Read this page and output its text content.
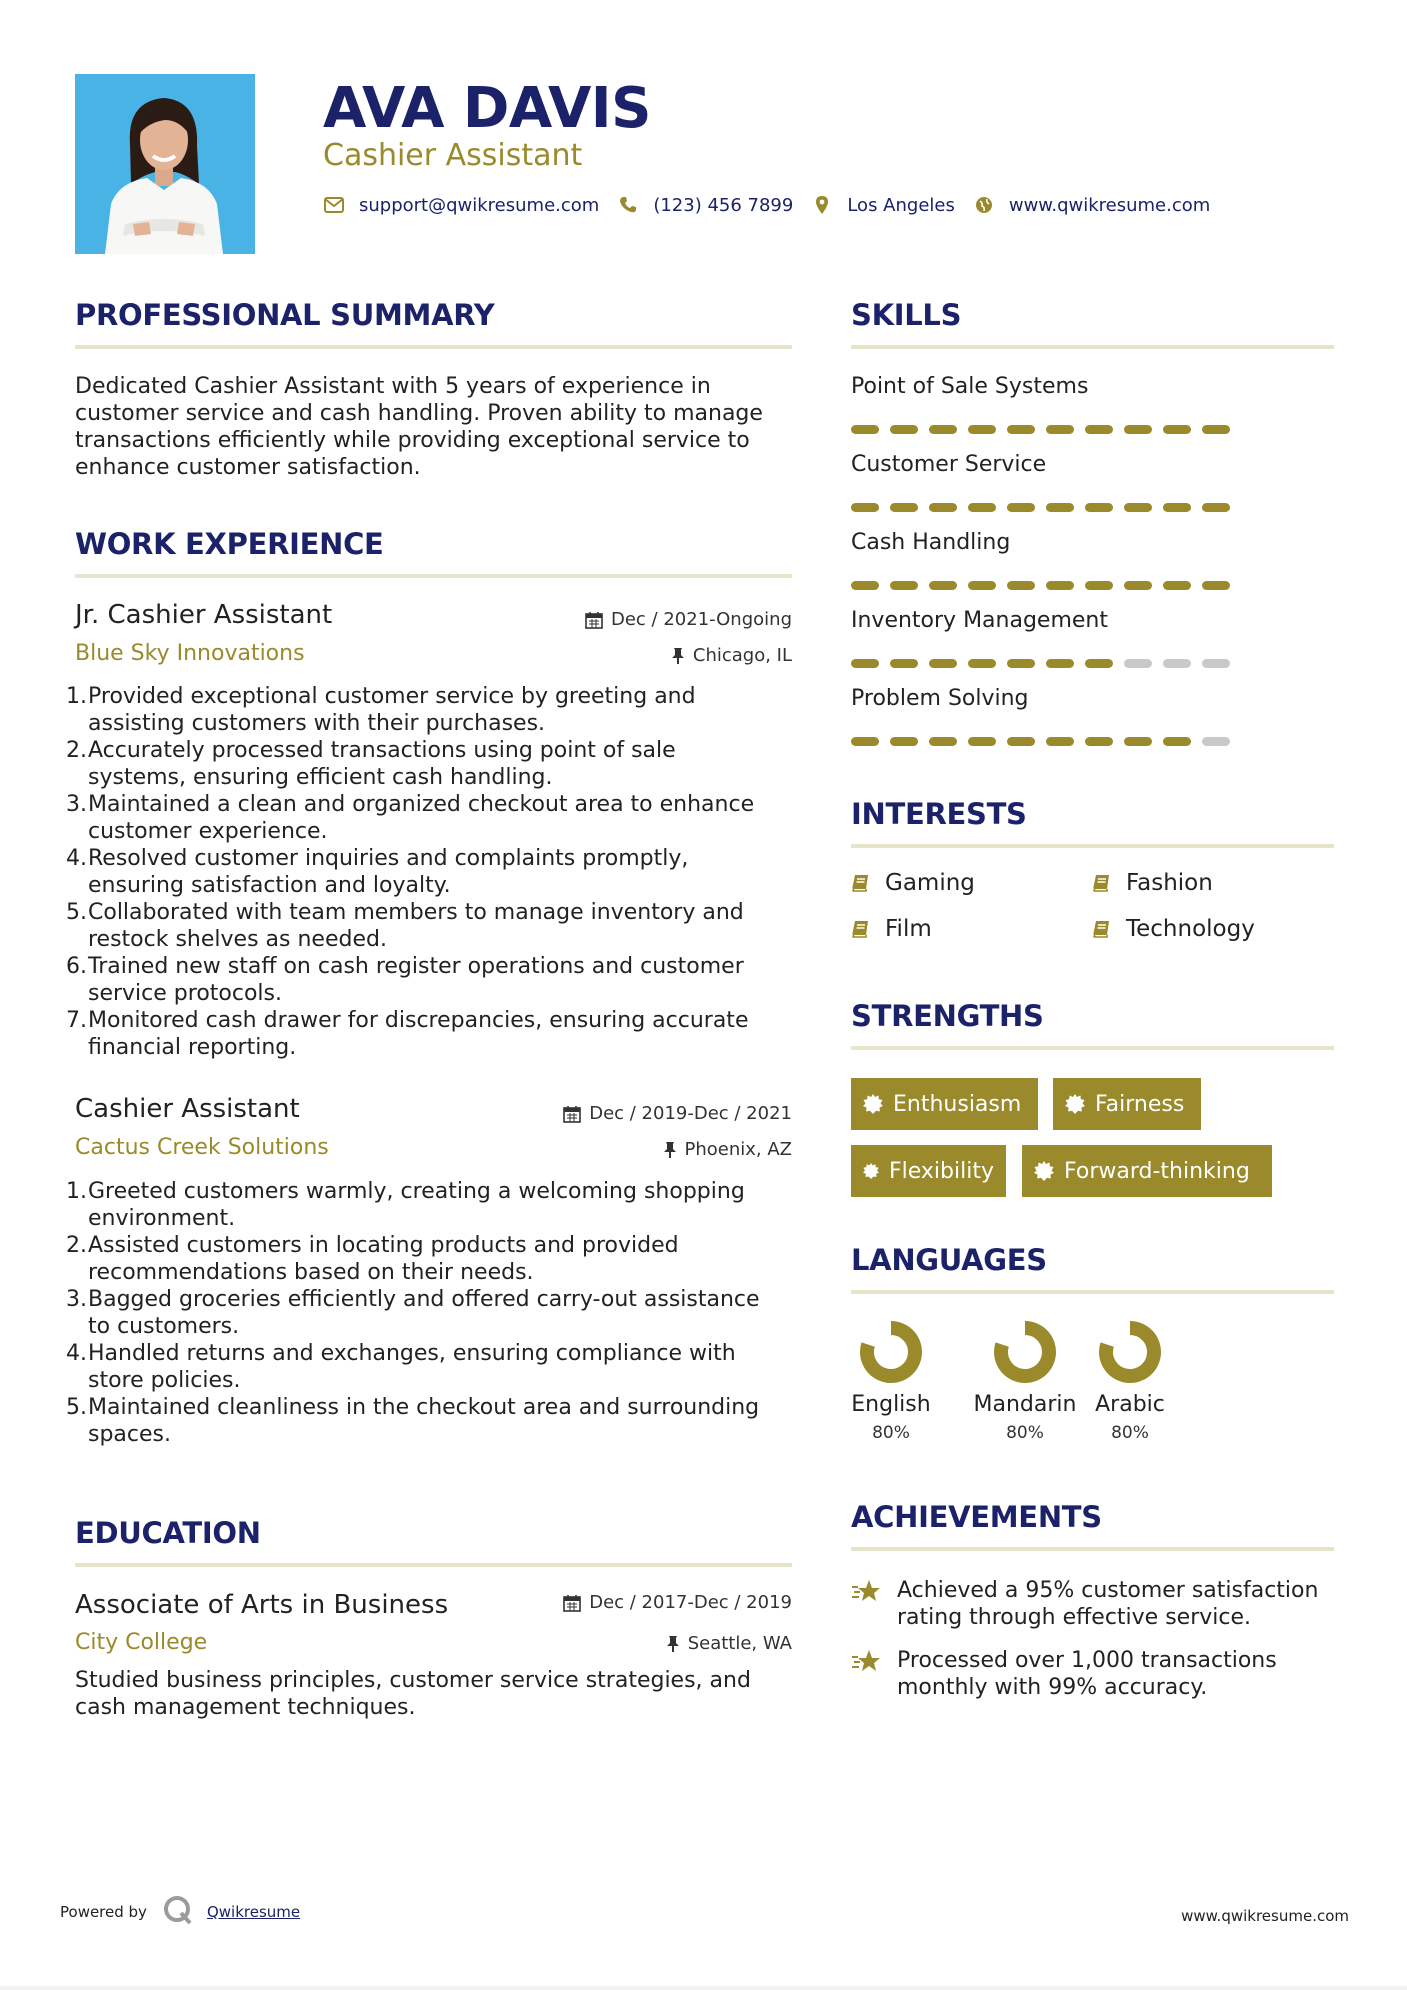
AVA DAVIS
Cashier Assistant
support@qwikresume.com	(123) 456 7899	Los Angeles	www.qwikresume.com
PROFESSIONAL SUMMARY
Dedicated Cashier Assistant with 5 years of experience in
customer service and cash handling. Proven ability to manage
transactions efficiently while providing exceptional service to
enhance customer satisfaction.
WORK EXPERIENCE
Jr. Cashier Assistant	Dec / 2021-Ongoing
Blue Sky Innovations	Chicago, IL
1. Provided exceptional customer service by greeting and
assisting customers with their purchases.
2. Accurately processed transactions using point of sale
systems, ensuring efficient cash handling.
3. Maintained a clean and organized checkout area to enhance
customer experience.
4. Resolved customer inquiries and complaints promptly,
ensuring satisfaction and loyalty.
5. Collaborated with team members to manage inventory and
restock shelves as needed.
6. Trained new staff on cash register operations and customer
service protocols.
7. Monitored cash drawer for discrepancies, ensuring accurate
financial reporting.
Cashier Assistant	Dec / 2019-Dec / 2021
Cactus Creek Solutions	Phoenix, AZ
1. Greeted customers warmly, creating a welcoming shopping
environment.
2. Assisted customers in locating products and provided
recommendations based on their needs.
3. Bagged groceries efficiently and offered carry-out assistance
to customers.
4. Handled returns and exchanges, ensuring compliance with
store policies.
5. Maintained cleanliness in the checkout area and surrounding
spaces.
EDUCATION
Associate of Arts in Business	Dec / 2017-Dec / 2019
City College	Seattle, WA
Studied business principles, customer service strategies, and
cash management techniques.
SKILLS
Point of Sale Systems
Customer Service
Cash Handling
Inventory Management
Problem Solving
INTERESTS
Gaming	Fashion
Film	Technology
STRENGTHS
Enthusiasm	Fairness
Flexibility	Forward-thinking
LANGUAGES
English
80%
Mandarin
80%
Arabic
80%
ACHIEVEMENTS
Achieved a 95% customer satisfaction
rating through effective service.
Processed over 1,000 transactions
monthly with 99% accuracy.
Powered by	Qwikresume	www.qwikresume.com
